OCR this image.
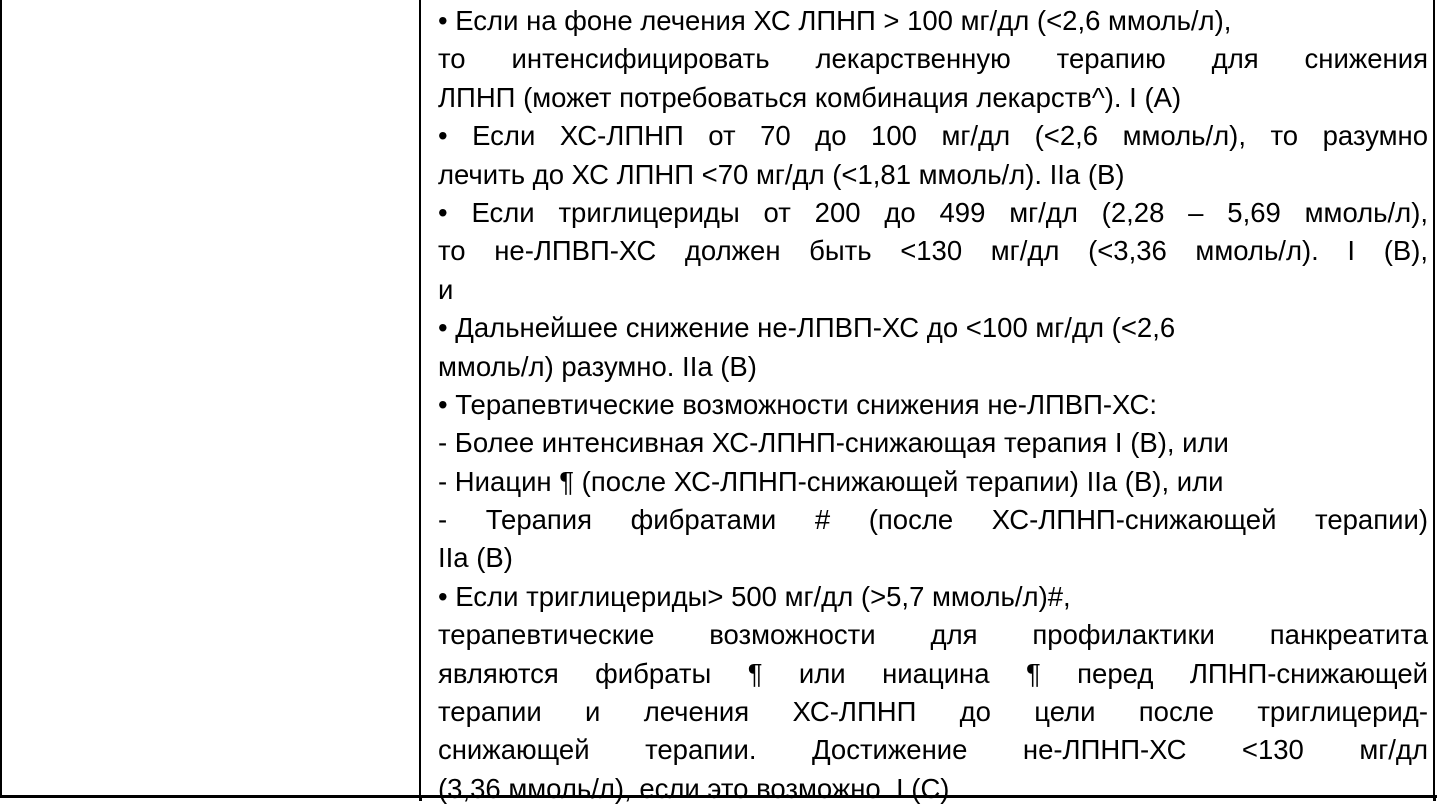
• Если на фоне лечения ХС ЛПНП > 100 мг/дл (<2,6 ммоль/л),
то интенсифицировать лекарственную терапию для снижения
ЛПНП (может потребоваться комбинация лекарств^). I (A)
• Если ХС-ЛПНП от 70 до 100 мг/дл (<2,6 ммоль/л), то разумно
лечить до ХС ЛПНП <70 мг/дл (<1,81 ммоль/л). IIa (B)
• Если триглицериды от 200 до 499 мг/дл (2,28 – 5,69 ммоль/л),
то не-ЛПВП-ХС должен быть <130 мг/дл (<3,36 ммоль/л). I (B),
и
• Дальнейшее снижение не-ЛПВП-ХС до <100 мг/дл (<2,6
ммоль/л) разумно. IIa (B)
• Терапевтические возможности снижения не-ЛПВП-ХС:
- Более интенсивная ХС-ЛПНП-снижающая терапия I (B), или
- Ниацин ¶ (после ХС-ЛПНП-снижающей терапии) IIa (B), или
- Терапия фибратами # (после ХС-ЛПНП-снижающей терапии)
IIa (B)
• Если триглицериды> 500 мг/дл (>5,7 ммоль/л)#,
терапевтические возможности для профилактики панкреатита
являются фибраты ¶ или ниацина ¶ перед ЛПНП-снижающей
терапии и лечения ХС-ЛПНП до цели после триглицерид-
снижающей терапии. Достижение не-ЛПНП-ХС <130 мг/дл
(3,36 ммоль/л), если это возможно. I (C)
